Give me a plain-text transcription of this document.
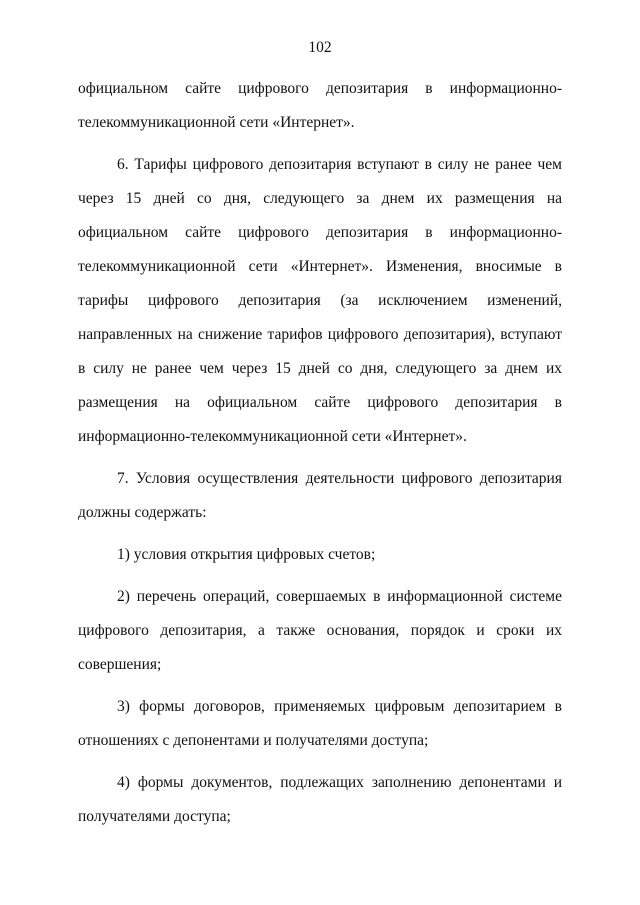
102

официальном сайте цифрового депозитария в информационно-телекоммуникационной сети «Интернет».

6. Тарифы цифрового депозитария вступают в силу не ранее чем через 15 дней со дня, следующего за днем их размещения на официальном сайте цифрового депозитария в информационно-телекоммуникационной сети «Интернет». Изменения, вносимые в тарифы цифрового депозитария (за исключением изменений, направленных на снижение тарифов цифрового депозитария), вступают в силу не ранее чем через 15 дней со дня, следующего за днем их размещения на официальном сайте цифрового депозитария в информационно-телекоммуникационной сети «Интернет».

7. Условия осуществления деятельности цифрового депозитария должны содержать:

1) условия открытия цифровых счетов;

2) перечень операций, совершаемых в информационной системе цифрового депозитария, а также основания, порядок и сроки их совершения;

3) формы договоров, применяемых цифровым депозитарием в отношениях с депонентами и получателями доступа;

4) формы документов, подлежащих заполнению депонентами и получателями доступа;
